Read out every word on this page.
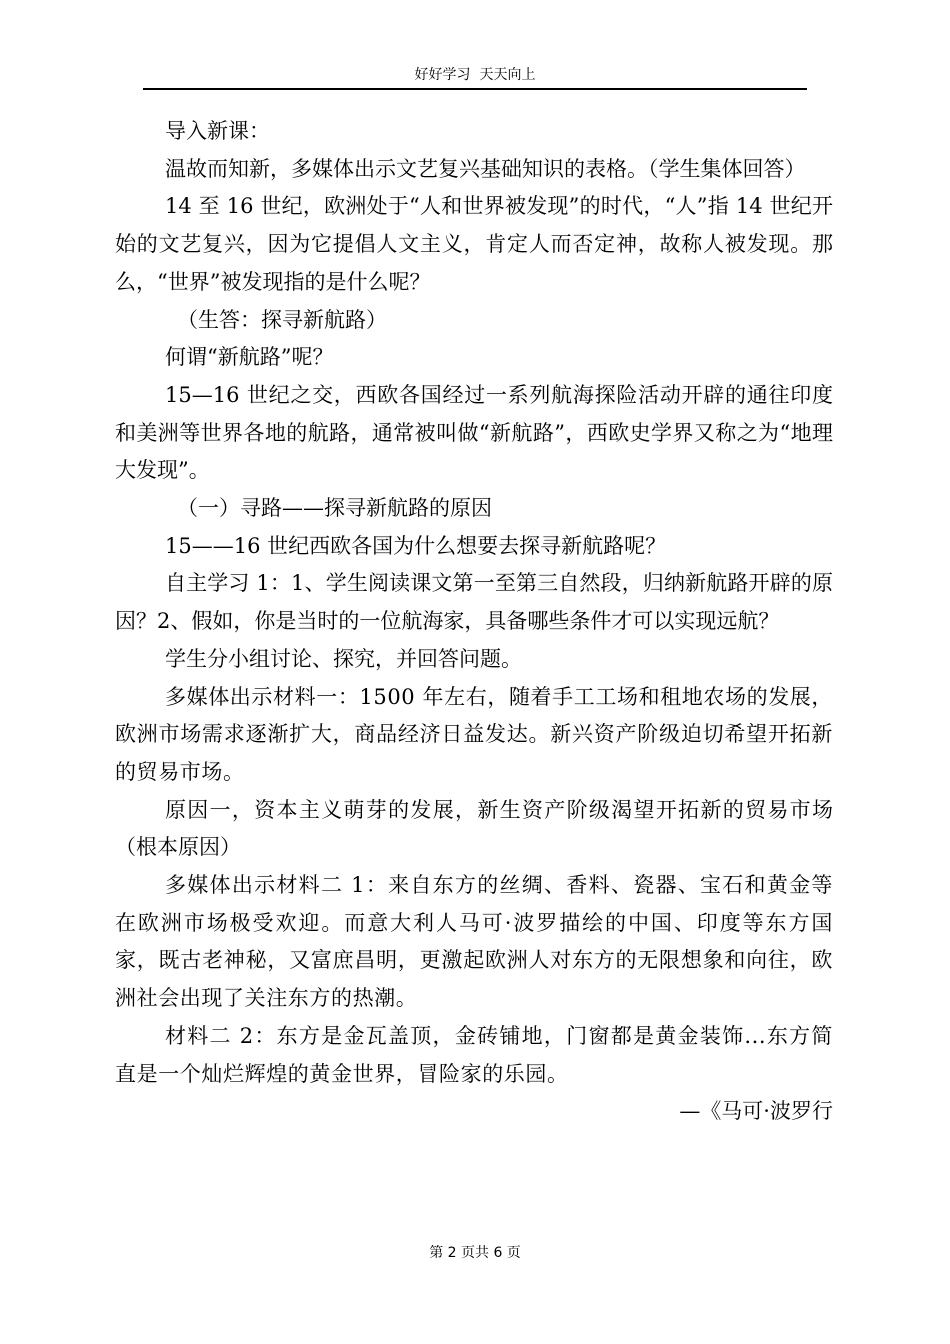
好好学习  天天向上

导入新课：

温故而知新，多媒体出示文艺复兴基础知识的表格。（学生集体回答）

14 至 16 世纪，欧洲处于“人和世界被发现”的时代，“人”指 14 世纪开始的文艺复兴，因为它提倡人文主义，肯定人而否定神，故称人被发现。那么，“世界”被发现指的是什么呢？

（生答：探寻新航路）

何谓“新航路”呢？

15—16 世纪之交，西欧各国经过一系列航海探险活动开辟的通往印度和美洲等世界各地的航路，通常被叫做“新航路”，西欧史学界又称之为“地理大发现”。

（一）寻路——探寻新航路的原因

15——16 世纪西欧各国为什么想要去探寻新航路呢？

自主学习 1：1、学生阅读课文第一至第三自然段，归纳新航路开辟的原因？2、假如，你是当时的一位航海家，具备哪些条件才可以实现远航？

学生分小组讨论、探究，并回答问题。

多媒体出示材料一：1500 年左右，随着手工工场和租地农场的发展，欧洲市场需求逐渐扩大，商品经济日益发达。新兴资产阶级迫切希望开拓新的贸易市场。

原因一，资本主义萌芽的发展，新生资产阶级渴望开拓新的贸易市场（根本原因）

多媒体出示材料二 1：来自东方的丝绸、香料、瓷器、宝石和黄金等在欧洲市场极受欢迎。而意大利人马可·波罗描绘的中国、印度等东方国家，既古老神秘，又富庶昌明，更激起欧洲人对东方的无限想象和向往，欧洲社会出现了关注东方的热潮。

材料二 2：东方是金瓦盖顶，金砖铺地，门窗都是黄金装饰...东方简直是一个灿烂辉煌的黄金世界，冒险家的乐园。

—《马可·波罗行

第 2 页共 6 页
